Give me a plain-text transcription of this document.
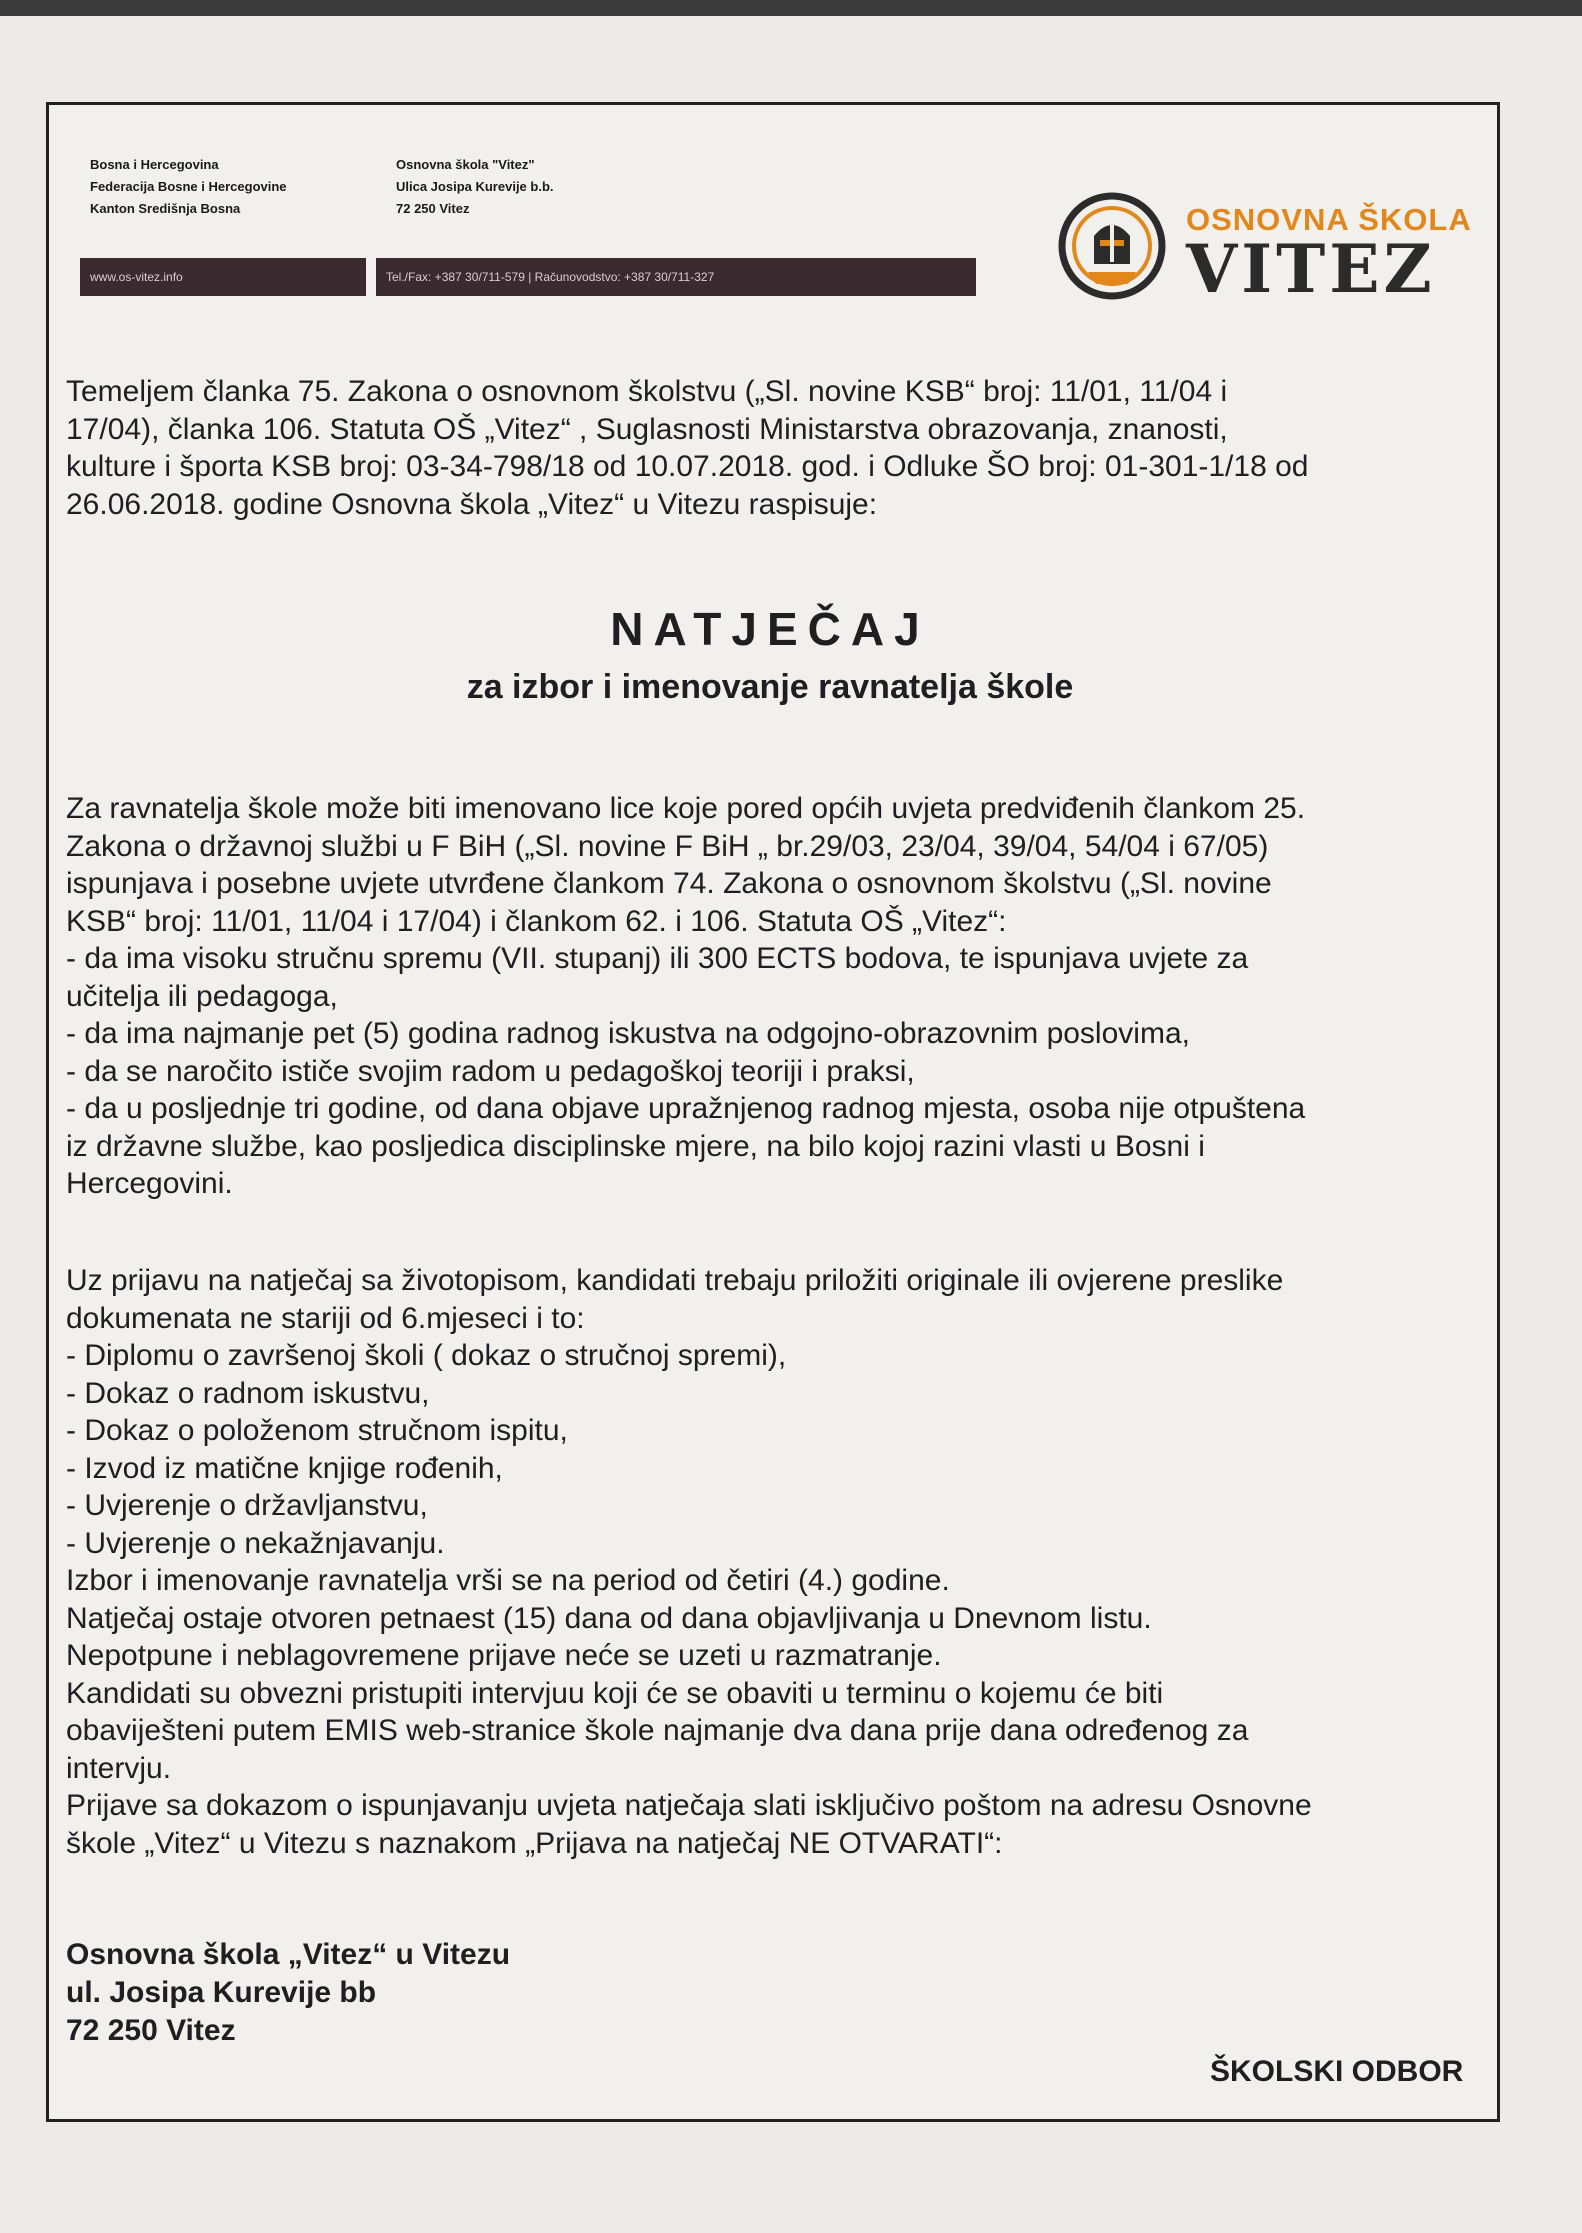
Bosna i Hercegovina
Federacija Bosne i Hercegovine
Kanton Središnja Bosna
Osnovna škola "Vitez"
Ulica Josipa Kurevije b.b.
72 250 Vitez
www.os-vitez.info	Tel./Fax: +387 30/711-579 | Računovodstvo: +387 30/711-327
OSNOVNA ŠKOLA
VITEZ

Temeljem članka 75. Zakona o osnovnom školstvu („Sl. novine KSB“ broj: 11/01, 11/04 i

17/04), članka 106. Statuta OŠ „Vitez“ , Suglasnosti Ministarstva obrazovanja, znanosti,

kulture i športa KSB broj: 03-34-798/18 od 10.07.2018. god. i Odluke ŠO broj: 01-301-1/18 od

26.06.2018. godine Osnovna škola „Vitez“ u Vitezu raspisuje:

NATJEČAJ
za izbor i imenovanje ravnatelja škole

Za ravnatelja škole može biti imenovano lice koje pored općih uvjeta predviđenih člankom 25.

Zakona o državnoj službi u F BiH („Sl. novine F BiH „ br.29/03, 23/04, 39/04, 54/04 i 67/05)

ispunjava i posebne uvjete utvrđene člankom 74. Zakona o osnovnom školstvu („Sl. novine

KSB“ broj: 11/01, 11/04 i 17/04) i člankom 62. i 106. Statuta OŠ „Vitez“:

- da ima visoku stručnu spremu (VII. stupanj) ili 300 ECTS bodova, te ispunjava uvjete za

učitelja ili pedagoga,

- da ima najmanje pet (5) godina radnog iskustva na odgojno-obrazovnim poslovima,

- da se naročito ističe svojim radom u pedagoškoj teoriji i praksi,

- da u posljednje tri godine, od dana objave upražnjenog radnog mjesta, osoba nije otpuštena

iz državne službe, kao posljedica disciplinske mjere, na bilo kojoj razini vlasti u Bosni i

Hercegovini.

Uz prijavu na natječaj sa životopisom, kandidati trebaju priložiti originale ili ovjerene preslike

dokumenata ne stariji od 6.mjeseci i to:

- Diplomu o završenoj školi ( dokaz o stručnoj spremi),

- Dokaz o radnom iskustvu,

- Dokaz o položenom stručnom ispitu,

- Izvod iz matične knjige rođenih,

- Uvjerenje o državljanstvu,

- Uvjerenje o nekažnjavanju.

Izbor i imenovanje ravnatelja vrši se na period od četiri (4.) godine.

Natječaj ostaje otvoren petnaest (15) dana od dana objavljivanja u Dnevnom listu.

Nepotpune i neblagovremene prijave neće se uzeti u razmatranje.

Kandidati su obvezni pristupiti intervjuu koji će se obaviti u terminu o kojemu će biti

obaviješteni putem EMIS web-stranice škole najmanje dva dana prije dana određenog za

intervju.

Prijave sa dokazom o ispunjavanju uvjeta natječaja slati isključivo poštom na adresu Osnovne

škole „Vitez“ u Vitezu s naznakom „Prijava na natječaj NE OTVARATI“:

Osnovna škola „Vitez“ u Vitezu
ul. Josipa Kurevije bb
72 250 Vitez
ŠKOLSKI ODBOR
